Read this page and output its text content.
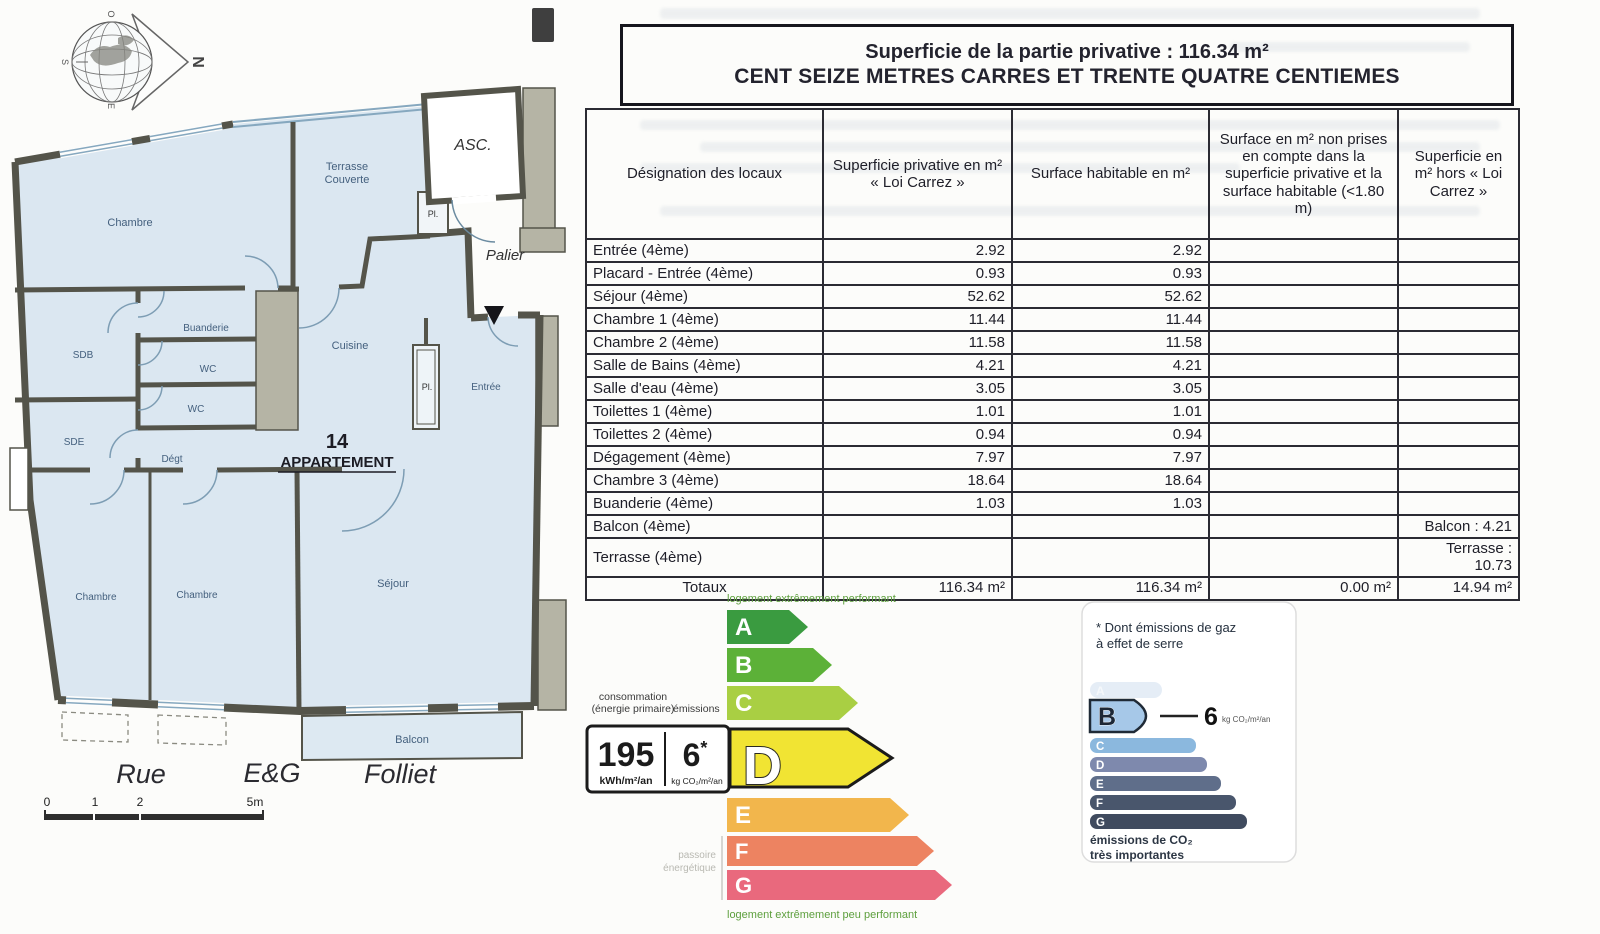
N
O
S
E
Terrasse
Couverte
ASC.
Pl.
Palier
Chambre
Buanderie
SDB
WC
WC
Cuisine
Pl.	Entrée
SDE
Dégt
14
APPARTEMENT
Chambre	Chambre
Séjour
Balcon
Rue	E&G Folliet
0	1	2	5m
Superficie de la partie privative : 116.34 m²
CENT SEIZE METRES CARRES ET TRENTE QUATRE CENTIEMES
Désignation des locaux	Superficie privative en m² « Loi Carrez »	Surface habitable en m²	Surface en m² non prises en compte dans la superficie privative et la surface habitable (<1.80 m)	Superficie en m² hors « Loi Carrez »
Entrée (4ème)	2.92	2.92		
Placard - Entrée (4ème)	0.93	0.93		
Séjour (4ème)	52.62	52.62		
Chambre 1 (4ème)	11.44	11.44		
Chambre 2 (4ème)	11.58	11.58		
Salle de Bains (4ème)	4.21	4.21		
Salle d'eau (4ème)	3.05	3.05		
Toilettes 1 (4ème)	1.01	1.01		
Toilettes 2 (4ème)	0.94	0.94		
Dégagement (4ème)	7.97	7.97		
Chambre 3 (4ème)	18.64	18.64		
Buanderie (4ème)	1.03	1.03		
Balcon (4ème)				Balcon : 4.21
Terrasse (4ème)				Terrasse : 10.73
Totaux	116.34 m²	116.34 m²	0.00 m²	14.94 m²
logement extrêmement performant
A
B
C
consommation
(énergie primaire)
émissions
195
kWh/m²/an
6*
kg CO₂/m²/an D
E
F
G
passoire
énergétique
logement extrêmement peu performant
* Dont émissions de gaz
à effet de serre
A
B	6 kg CO₂/m²/an
C
D
E
F
G
émissions de CO₂
très importantes
